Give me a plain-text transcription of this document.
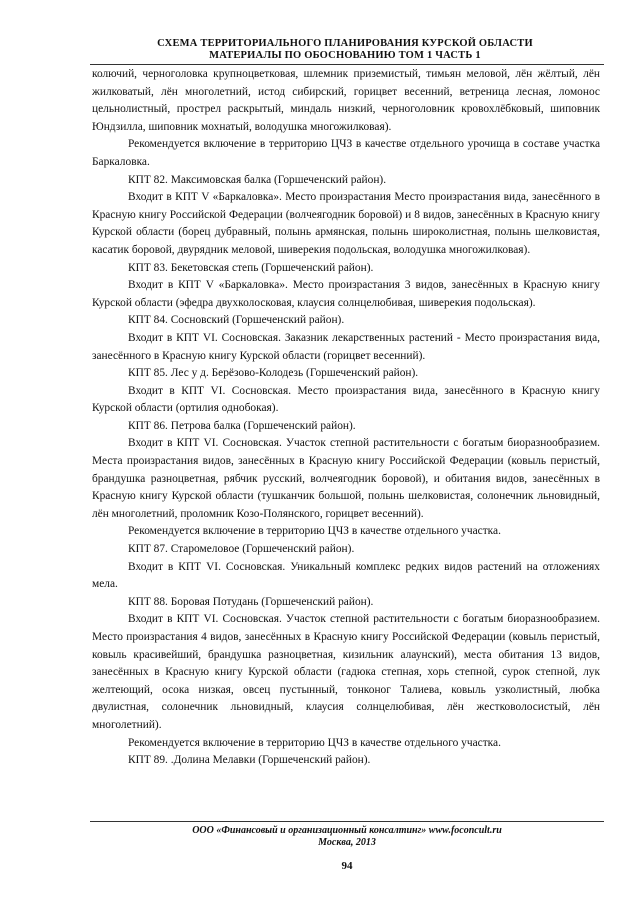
СХЕМА ТЕРРИТОРИАЛЬНОГО ПЛАНИРОВАНИЯ КУРСКОЙ ОБЛАСТИ
МАТЕРИАЛЫ ПО ОБОСНОВАНИЮ ТОМ 1 ЧАСТЬ 1

колючий, черноголовка крупноцветковая, шлемник приземистый, тимьян меловой, лён жёлтый, лён жилковатый, лён многолетний, истод сибирский, горицвет весенний, ветреница лесная, ломонос цельнолистный, прострел раскрытый, миндаль низкий, черноголовник кровохлёбковый, шиповник Юндзилла, шиповник мохнатый, володушка многожилковая).

Рекомендуется включение в территорию ЦЧЗ в качестве отдельного урочища в составе участка Баркаловка.

КПТ 82. Максимовская балка (Горшеченский район).

Входит в КПТ V «Баркаловка». Место произрастания Место произрастания вида, занесённого в Красную книгу Российской Федерации (волчеягодник боровой) и 8 видов, занесённых в Красную книгу Курской области (борец дубравный, полынь армянская, полынь широколистная, полынь шелковистая, касатик боровой, двурядник меловой, шиверекия подольская, володушка многожилковая).

КПТ 83. Бекетовская степь (Горшеченский район).

Входит в КПТ V «Баркаловка». Место произрастания 3 видов, занесённых в Красную книгу Курской области (эфедра двухколосковая, клаусия солнцелюбивая, шиверекия подольская).

КПТ 84. Сосновский (Горшеченский район).

Входит в КПТ VI. Сосновская. Заказник лекарственных растений - Место произрастания вида, занесённого в Красную книгу Курской области (горицвет весенний).

КПТ 85. Лес у д. Берёзово-Колодезь (Горшеченский район).

Входит в КПТ VI. Сосновская. Место произрастания вида, занесённого в Красную книгу Курской области (ортилия однобокая).

КПТ 86. Петрова балка (Горшеченский район).

Входит в КПТ VI. Сосновская. Участок степной растительности с богатым биоразнообразием. Места произрастания видов, занесённых в Красную книгу Российской Федерации (ковыль перистый, брандушка разноцветная, рябчик русский, волчеягодник боровой), и обитания видов, занесённых в Красную книгу Курской области (тушканчик большой, полынь шелковистая, солонечник льновидный, лён многолетний, проломник Козо-Полянского, горицвет весенний).

Рекомендуется включение в территорию ЦЧЗ в качестве отдельного участка.

КПТ 87. Старомеловое (Горшеченский район).

Входит в КПТ VI. Сосновская. Уникальный комплекс редких видов растений на отложениях мела.

КПТ 88. Боровая Потудань (Горшеченский район).

Входит в КПТ VI. Сосновская. Участок степной растительности с богатым биоразнообразием. Место произрастания 4 видов, занесённых в Красную книгу Российской Федерации (ковыль перистый, ковыль красивейший, брандушка разноцветная, кизильник алаунский), места обитания 13 видов, занесённых в Красную книгу Курской области (гадюка степная, хорь степной, сурок степной, лук желтеющий, осока низкая, овсец пустынный, тонконог Талиева, ковыль узколистный, любка двулистная, солонечник льновидный, клаусия солнцелюбивая, лён жестковолосистый, лён многолетний).

Рекомендуется включение в территорию ЦЧЗ в качестве отдельного участка.

КПТ 89. .Долина Мелавки (Горшеченский район).

ООО «Финансовый и организационный консалтинг» www.foconcult.ru
Москва, 2013
94
